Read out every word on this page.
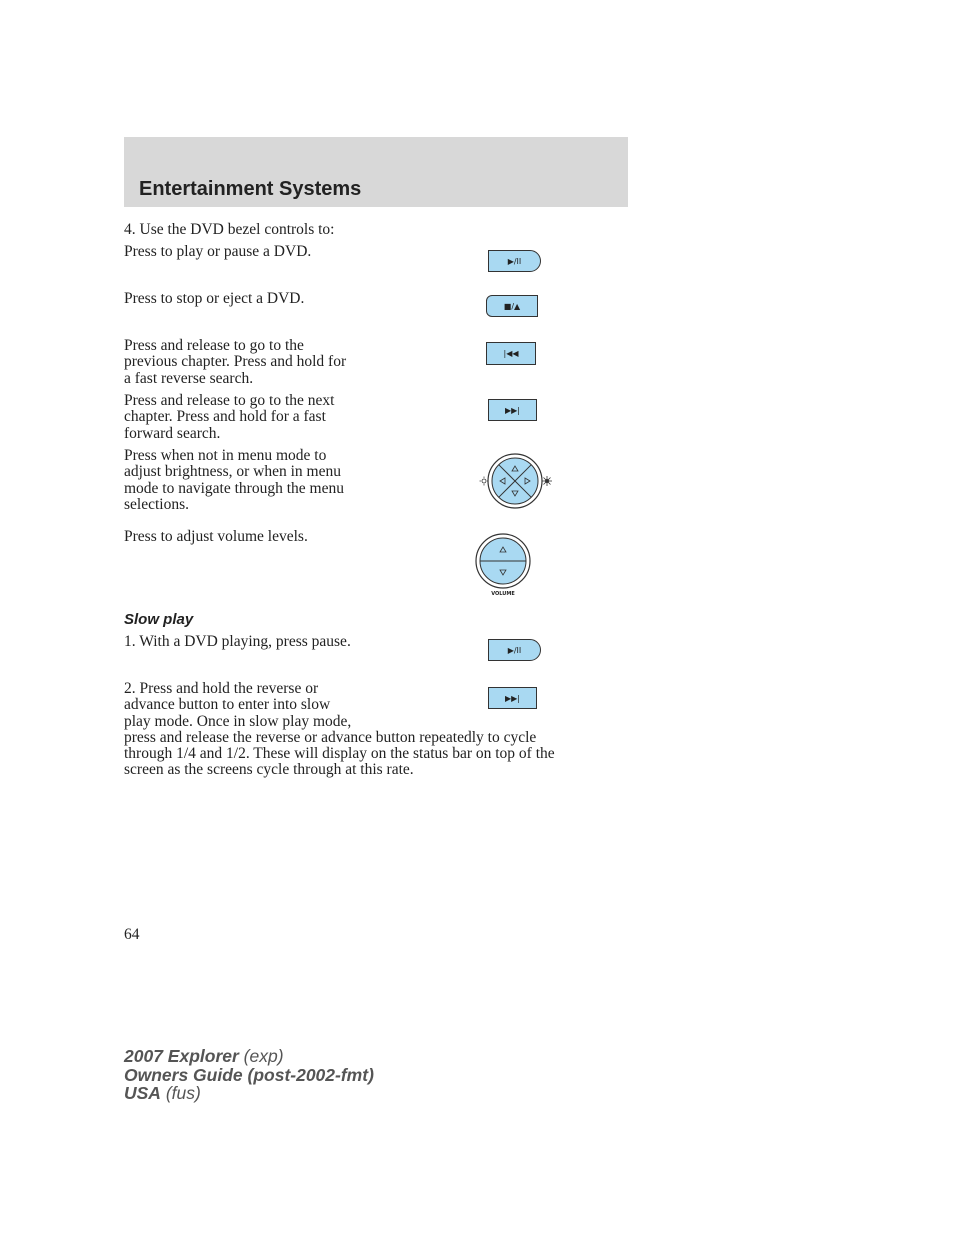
Entertainment Systems
4. Use the DVD bezel controls to:
Press to play or pause a DVD.
▶/II
Press to stop or eject a DVD.	■/▲
Press and release to go to the
previous chapter. Press and hold for
a fast reverse search.
|◀◀
Press and release to go to the next
chapter. Press and hold for a fast
forward search.
▶▶|
Press when not in menu mode to
adjust brightness, or when in menu
mode to navigate through the menu
selections.
Press to adjust volume levels.
VOLUME
Slow play
1. With a DVD playing, press pause.	▶/II
2. Press and hold the reverse or
advance button to enter into slow
play mode. Once in slow play mode,
press and release the reverse or advance button repeatedly to cycle
through 1/4 and 1/2. These will display on the status bar on top of the
screen as the screens cycle through at this rate.
▶▶|
64
2007 Explorer (exp)
Owners Guide (post-2002-fmt)
USA (fus)
